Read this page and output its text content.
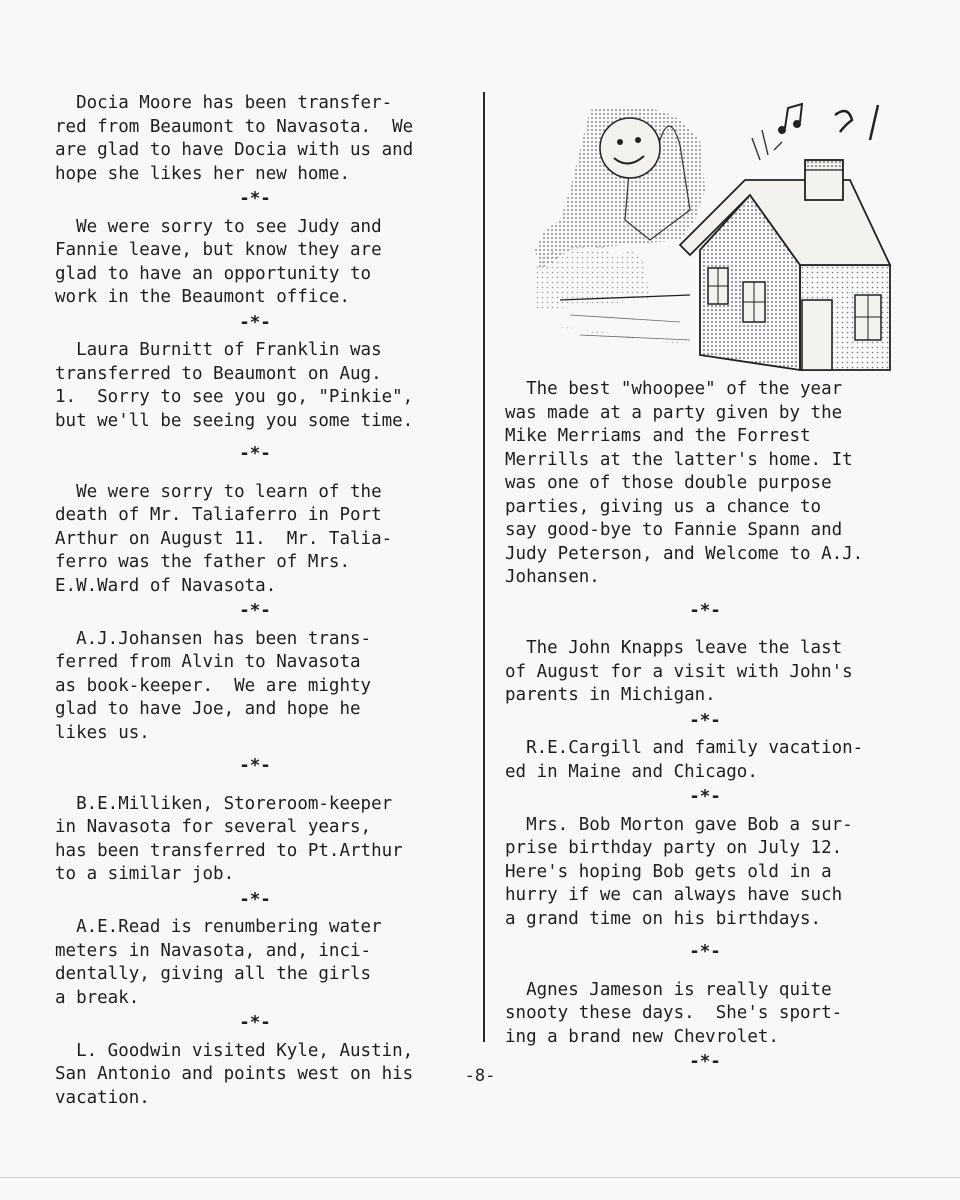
Docia Moore has been transfer-
red from Beaumont to Navasota.  We
are glad to have Docia with us and
hope she likes her new home.
-*-
We were sorry to see Judy and
Fannie leave, but know they are
glad to have an opportunity to
work in the Beaumont office.
-*-
Laura Burnitt of Franklin was
transferred to Beaumont on Aug.
1.  Sorry to see you go, "Pinkie",
but we'll be seeing you some time.
-*-
We were sorry to learn of the
death of Mr. Taliaferro in Port
Arthur on August 11.  Mr. Talia-
ferro was the father of Mrs.
E.W.Ward of Navasota.
-*-
A.J.Johansen has been trans-
ferred from Alvin to Navasota
as book-keeper.  We are mighty
glad to have Joe, and hope he
likes us.
-*-
B.E.Milliken, Storeroom-keeper
in Navasota for several years,
has been transferred to Pt.Arthur
to a similar job.
-*-
A.E.Read is renumbering water
meters in Navasota, and, inci-
dentally, giving all the girls
a break.
-*-
L. Goodwin visited Kyle, Austin,
San Antonio and points west on his
vacation.
The best "whoopee" of the year
was made at a party given by the
Mike Merriams and the Forrest
Merrills at the latter's home. It
was one of those double purpose
parties, giving us a chance to
say good-bye to Fannie Spann and
Judy Peterson, and Welcome to A.J.
Johansen.
-*-
The John Knapps leave the last
of August for a visit with John's
parents in Michigan.
-*-
R.E.Cargill and family vacation-
ed in Maine and Chicago.
-*-
Mrs. Bob Morton gave Bob a sur-
prise birthday party on July 12.
Here's hoping Bob gets old in a
hurry if we can always have such
a grand time on his birthdays.
-*-
Agnes Jameson is really quite
snooty these days.  She's sport-
ing a brand new Chevrolet.
-*-
-8-
